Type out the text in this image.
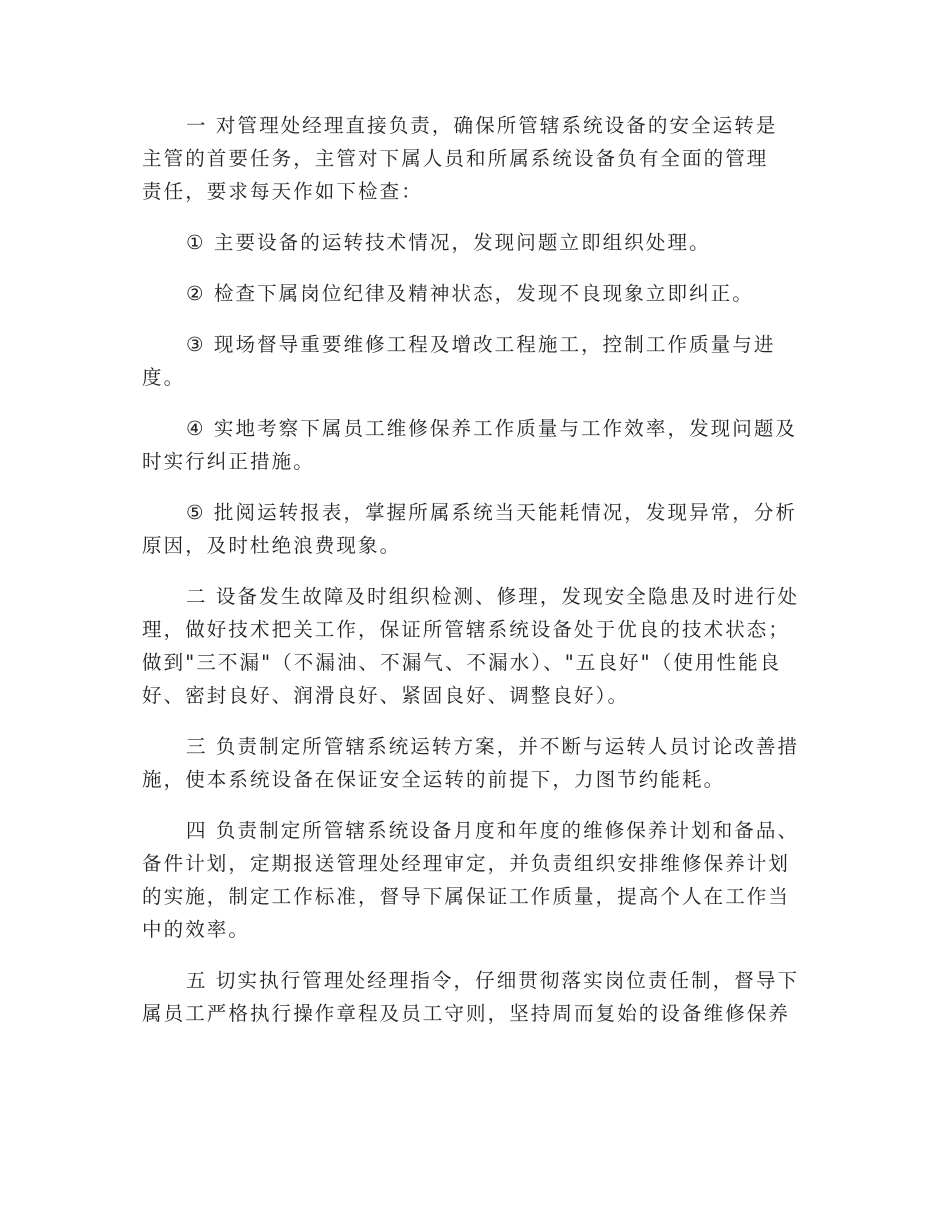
一 对管理处经理直接负责，确保所管辖系统设备的安全运转是主管的首要任务，主管对下属人员和所属系统设备负有全面的管理责任，要求每天作如下检查：

① 主要设备的运转技术情况，发现问题立即组织处理。

② 检查下属岗位纪律及精神状态，发现不良现象立即纠正。

③ 现场督导重要维修工程及增改工程施工，控制工作质量与进度。

④ 实地考察下属员工维修保养工作质量与工作效率，发现问题及时实行纠正措施。

⑤ 批阅运转报表，掌握所属系统当天能耗情况，发现异常，分析原因，及时杜绝浪费现象。

二 设备发生故障及时组织检测、修理，发现安全隐患及时进行处理，做好技术把关工作，保证所管辖系统设备处于优良的技术状态；做到"三不漏"（不漏油、不漏气、不漏水）、"五良好"（使用性能良好、密封良好、润滑良好、紧固良好、调整良好）。

三 负责制定所管辖系统运转方案，并不断与运转人员讨论改善措施，使本系统设备在保证安全运转的前提下，力图节约能耗。

四 负责制定所管辖系统设备月度和年度的维修保养计划和备品、备件计划，定期报送管理处经理审定，并负责组织安排维修保养计划的实施，制定工作标准，督导下属保证工作质量，提高个人在工作当中的效率。

五 切实执行管理处经理指令，仔细贯彻落实岗位责任制，督导下属员工严格执行操作章程及员工守则，坚持周而复始的设备维修保养
